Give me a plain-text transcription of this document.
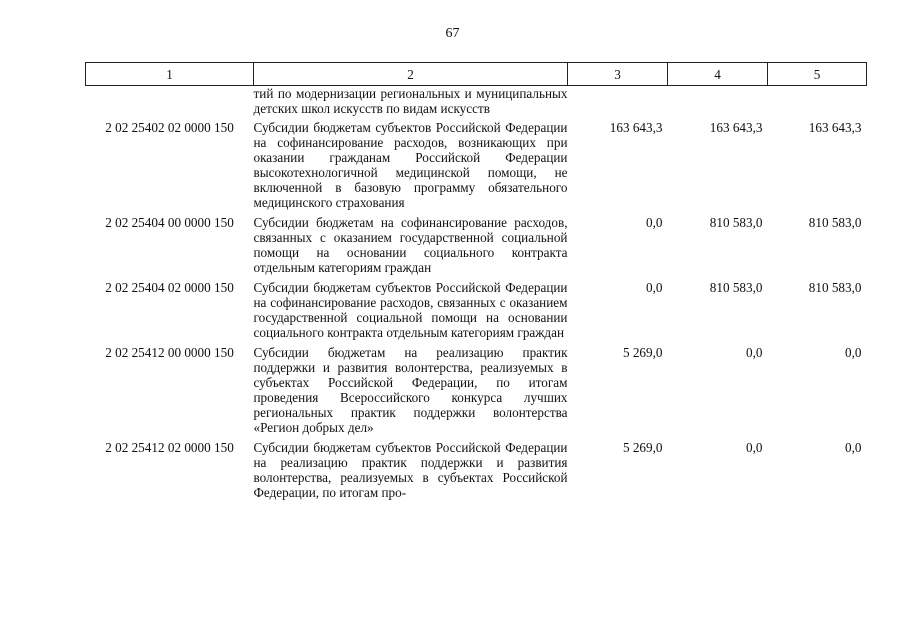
67
1	2	3	4	5
	тий по модернизации региональных и муниципальных детских школ искусств по видам искусств			
2 02 25402 02 0000 150	Субсидии бюджетам субъектов Российской Федерации на софинансирование расходов, возникающих при оказании гражданам Российской Федерации высокотехнологичной медицинской помощи, не включенной в базовую программу обязательного медицинского страхования	163 643,3	163 643,3	163 643,3
2 02 25404 00 0000 150	Субсидии бюджетам на софинансирование расходов, связанных с оказанием государственной социальной помощи на основании социального контракта отдельным категориям граждан	0,0	810 583,0	810 583,0
2 02 25404 02 0000 150	Субсидии бюджетам субъектов Российской Федерации на софинансирование расходов, связанных с оказанием государственной социальной помощи на основании социального контракта отдельным категориям граждан	0,0	810 583,0	810 583,0
2 02 25412 00 0000 150	Субсидии бюджетам на реализацию практик поддержки и развития волонтерства, реализуемых в субъектах Российской Федерации, по итогам проведения Всероссийского конкурса лучших региональных практик поддержки волонтерства «Регион добрых дел»	5 269,0	0,0	0,0
2 02 25412 02 0000 150	Субсидии бюджетам субъектов Российской Федерации на реализацию практик поддержки и развития волонтерства, реализуемых в субъектах Российской Федерации, по итогам про-	5 269,0	0,0	0,0
